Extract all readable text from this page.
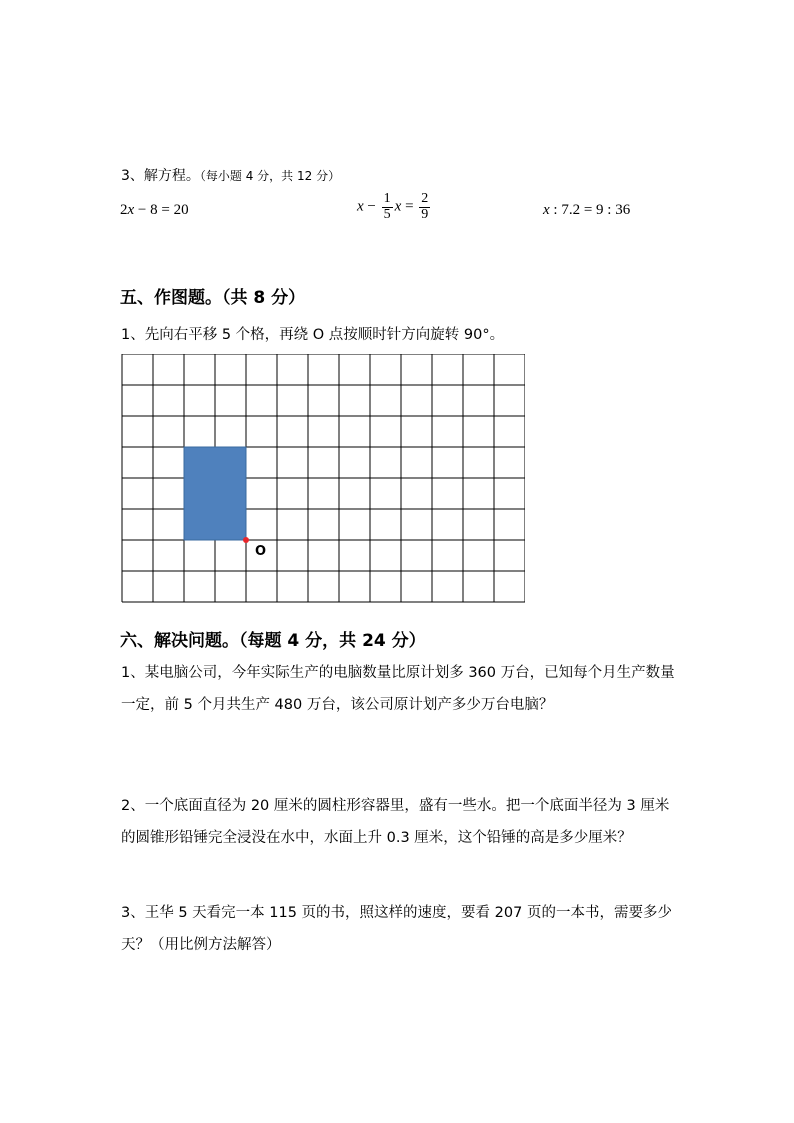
3、解方程。（每小题 4 分，共 12 分）
2x − 8 = 20	$x - \frac{1}{5}$ $x = \frac{2}{9}$	x : 7.2 = 9 : 36
五、作图题。（共 8 分）
1、先向右平移 5 个格，再绕 O 点按顺时针方向旋转 90°。
O
六、解决问题。（每题 4 分，共 24 分）
1、某电脑公司，今年实际生产的电脑数量比原计划多 360 万台，已知每个月生产数量一定，前 5 个月共生产 480 万台，该公司原计划产多少万台电脑？
2、一个底面直径为 20 厘米的圆柱形容器里，盛有一些水。把一个底面半径为 3 厘米的圆锥形铅锤完全浸没在水中，水面上升 0.3 厘米，这个铅锤的高是多少厘米？
3、王华 5 天看完一本 115 页的书，照这样的速度，要看 207 页的一本书，需要多少天？（用比例方法解答）
